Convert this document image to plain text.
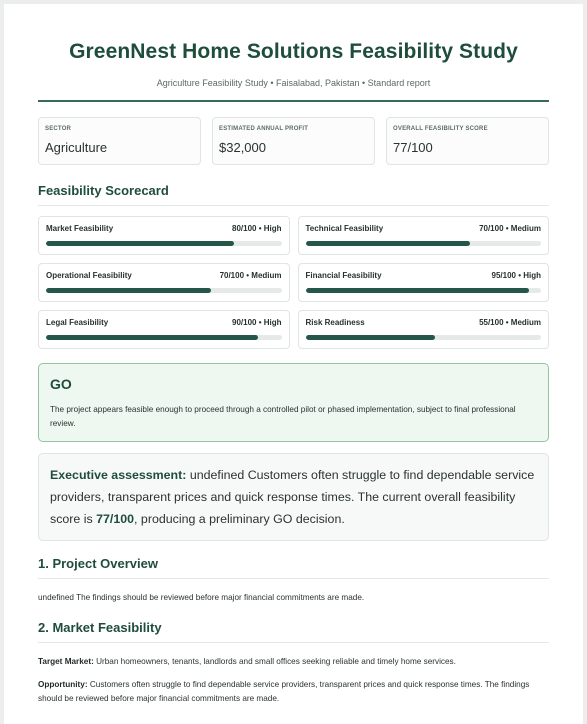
GreenNest Home Solutions Feasibility Study
Agriculture Feasibility Study • Faisalabad, Pakistan • Standard report
SECTOR
Agriculture
ESTIMATED ANNUAL PROFIT
$32,000
OVERALL FEASIBILITY SCORE
77/100
Feasibility Scorecard
Market Feasibility	80/100 • High	Technical Feasibility	70/100 • Medium
Operational Feasibility	70/100 • Medium	Financial Feasibility	95/100 • High
Legal Feasibility	90/100 • High	Risk Readiness	55/100 • Medium
GO
The project appears feasible enough to proceed through a controlled pilot or phased implementation, subject to final professional review.
Executive assessment: undefined Customers often struggle to find dependable service providers, transparent prices and quick response times. The current overall feasibility score is 77/100, producing a preliminary GO decision.
1. Project Overview
undefined The findings should be reviewed before major financial commitments are made.
2. Market Feasibility
Target Market: Urban homeowners, tenants, landlords and small offices seeking reliable and timely home services.
Opportunity: Customers often struggle to find dependable service providers, transparent prices and quick response times. The findings should be reviewed before major financial commitments are made.
